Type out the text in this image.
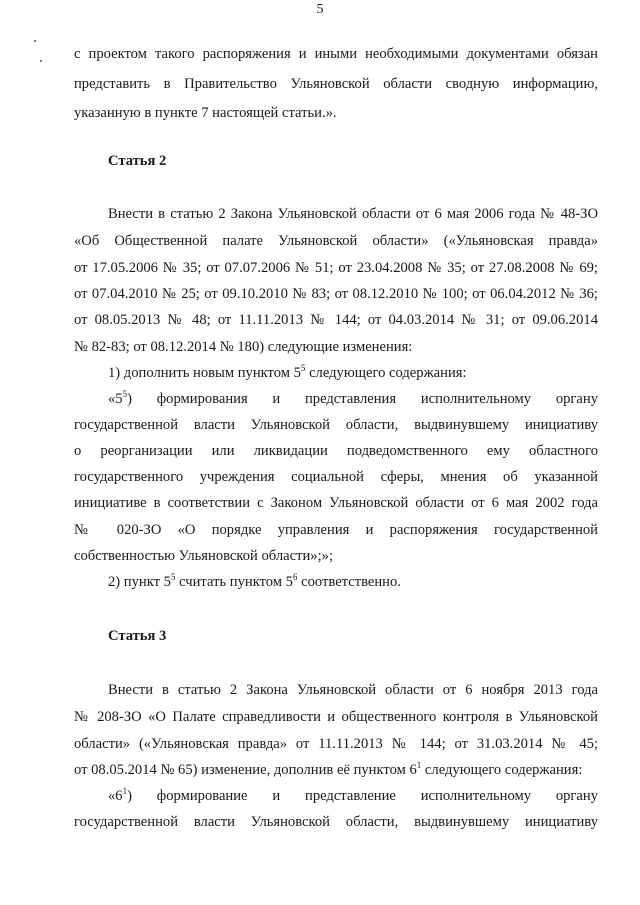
5
с проектом такого распоряжения и иными необходимыми документами обязан
представить в Правительство Ульяновской области сводную информацию,
указанную в пункте 7 настоящей статьи.».
Статья 2
Внести в статью 2 Закона Ульяновской области от 6 мая 2006 года № 48-ЗО
«Об Общественной палате Ульяновской области» («Ульяновская правда»
от 17.05.2006 № 35; от 07.07.2006 № 51; от 23.04.2008 № 35; от 27.08.2008 № 69;
от 07.04.2010 № 25; от 09.10.2010 № 83; от 08.12.2010 № 100; от 06.04.2012 № 36;
от 08.05.2013 № 48; от 11.11.2013 № 144; от 04.03.2014 № 31; от 09.06.2014
№ 82-83; от 08.12.2014 № 180) следующие изменения:
1) дополнить новым пунктом $5^5$ следующего содержания:
«$5^5$) формирования и представления исполнительному органу
государственной власти Ульяновской области, выдвинувшему инициативу
о реорганизации или ликвидации подведомственного ему областного
государственного учреждения социальной сферы, мнения об указанной
инициативе в соответствии с Законом Ульяновской области от 6 мая 2002 года
№ 020-ЗО «О порядке управления и распоряжения государственной
собственностью Ульяновской области»;»;
2) пункт $5^5$ считать пунктом $5^6$ соответственно.
Статья 3
Внести в статью 2 Закона Ульяновской области от 6 ноября 2013 года
№ 208-ЗО «О Палате справедливости и общественного контроля в Ульяновской
области» («Ульяновская правда» от 11.11.2013 № 144; от 31.03.2014 № 45;
от 08.05.2014 № 65) изменение, дополнив её пунктом $6^1$ следующего содержания:
«$6^1$) формирование и представление исполнительному органу
государственной власти Ульяновской области, выдвинувшему инициативу
